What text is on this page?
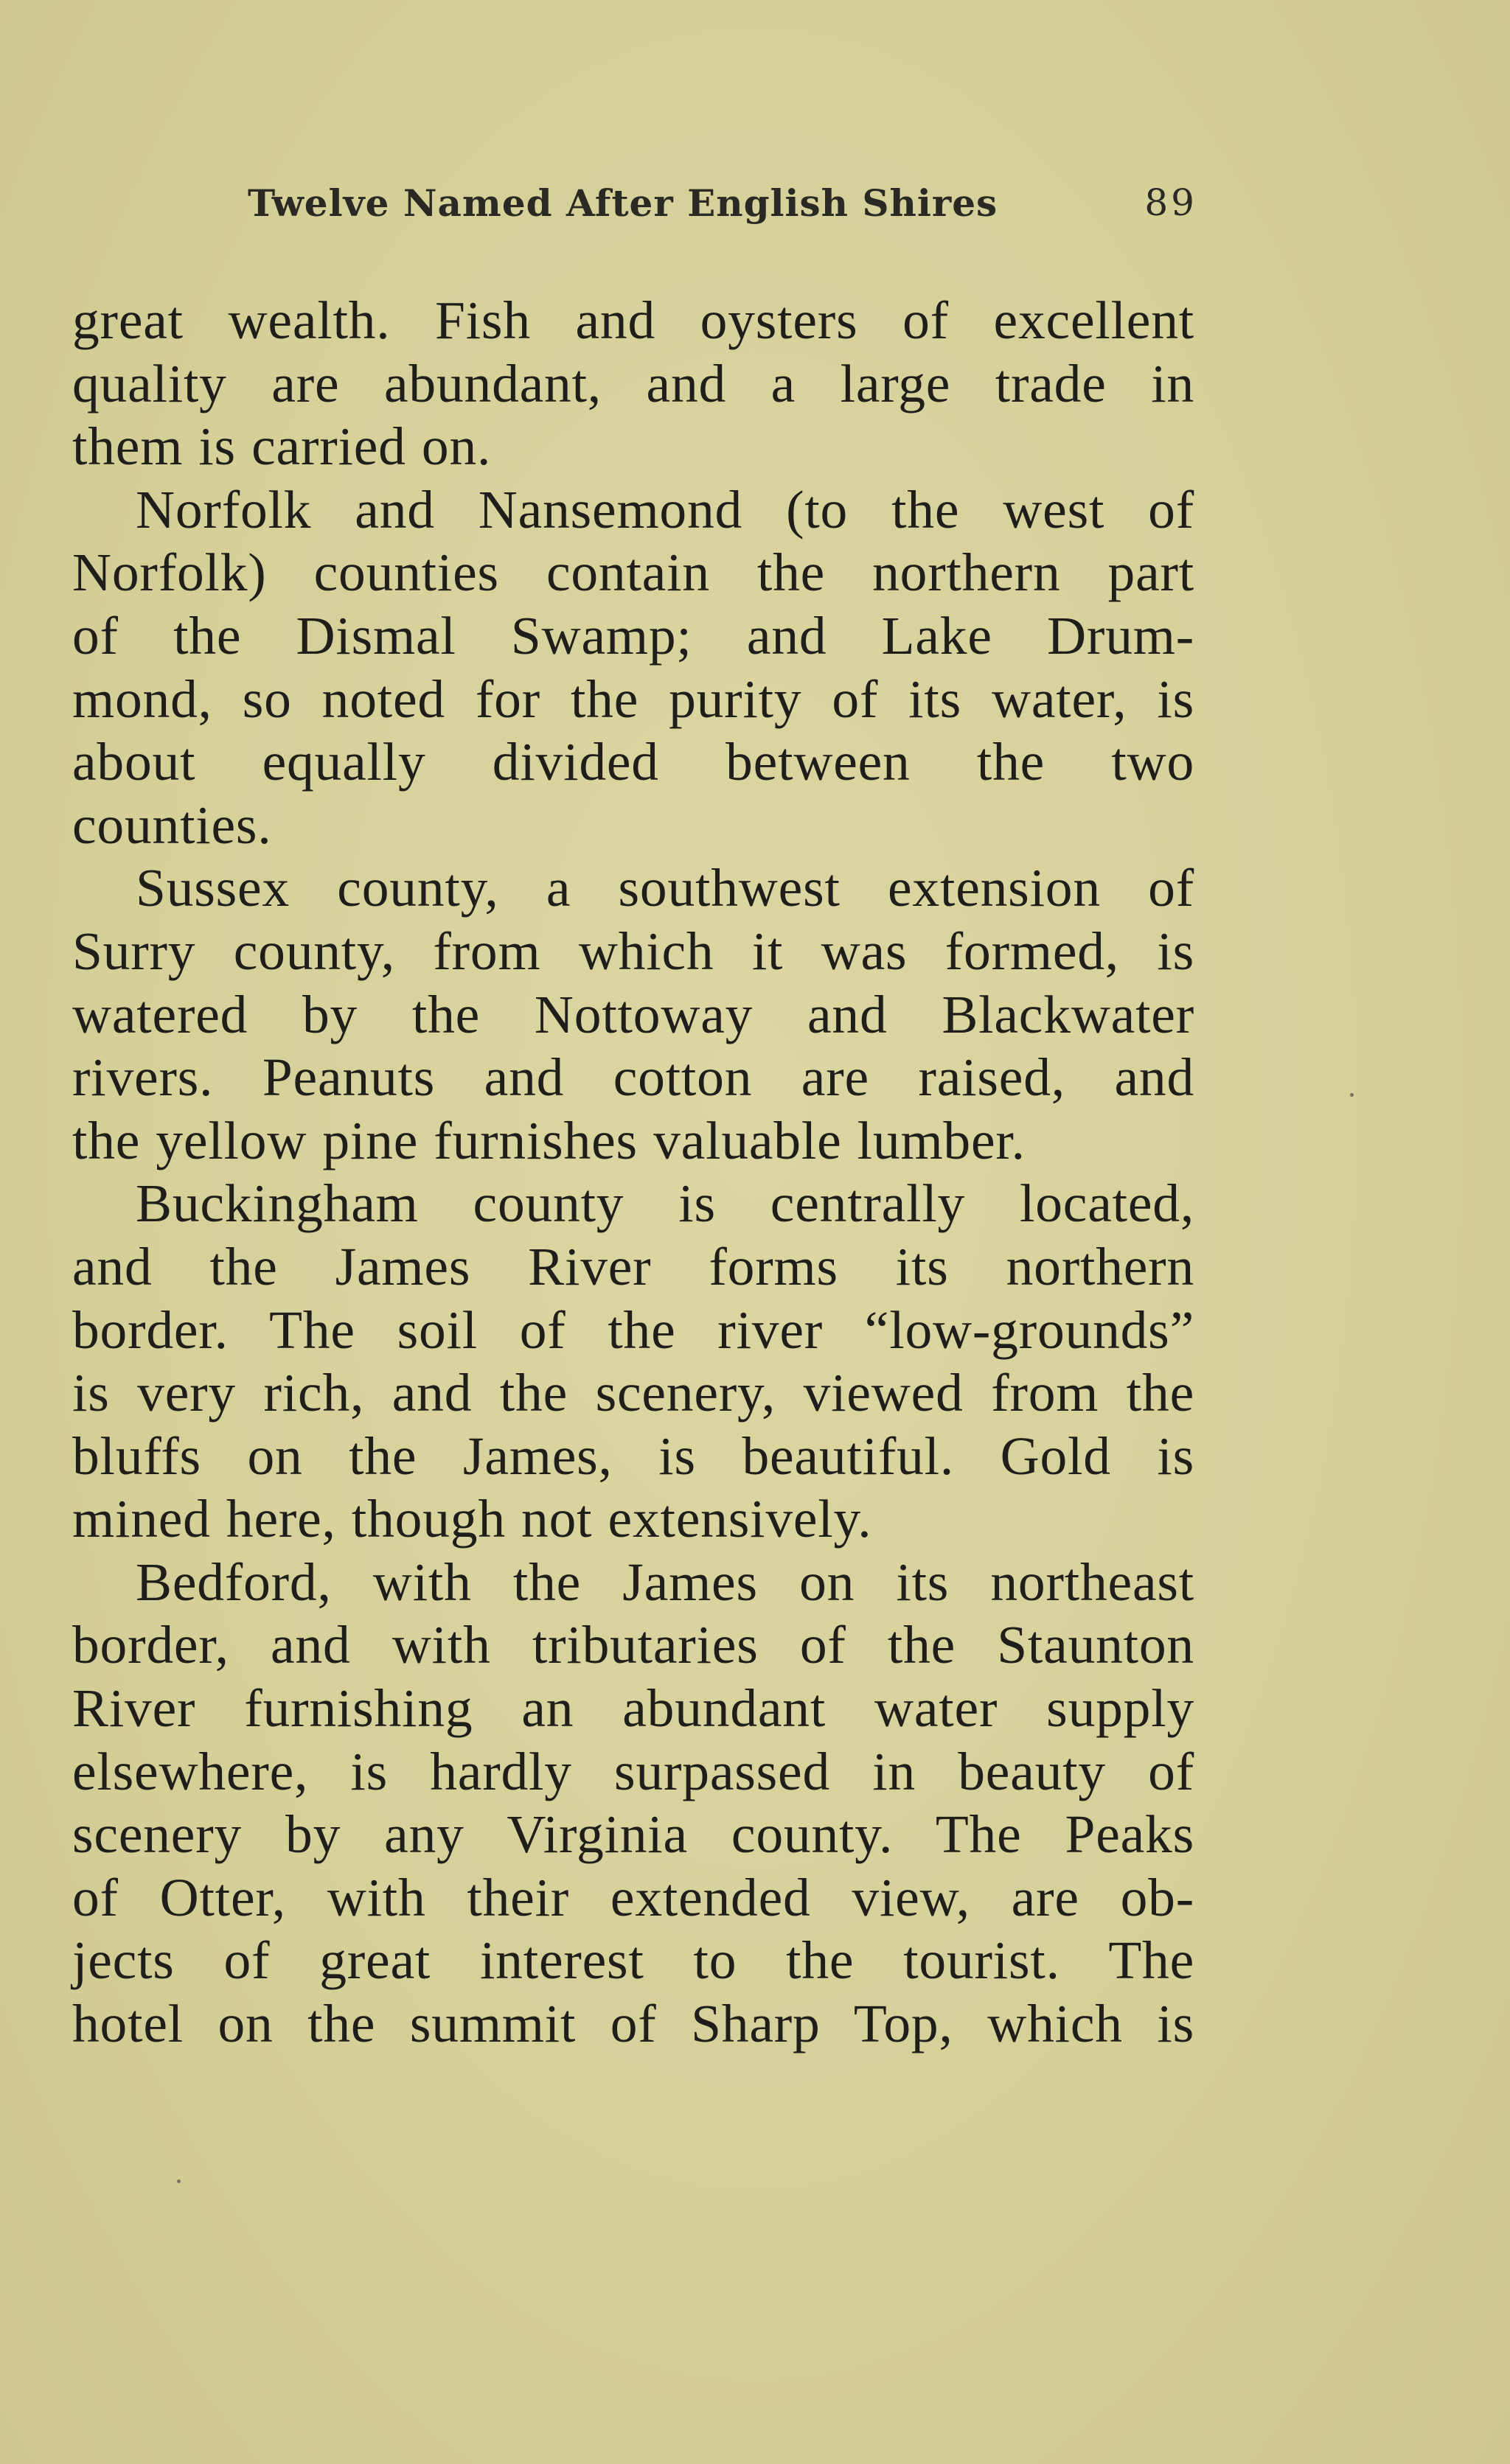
Twelve Named After English Shires	89
great wealth. Fish and oysters of excellent
quality are abundant, and a large trade in
them is carried on.
Norfolk and Nansemond (to the west of
Norfolk) counties contain the northern part
of the Dismal Swamp; and Lake Drum-
mond, so noted for the purity of its water, is
about equally divided between the two
counties.
Sussex county, a southwest extension of
Surry county, from which it was formed, is
watered by the Nottoway and Blackwater
rivers. Peanuts and cotton are raised, and
the yellow pine furnishes valuable lumber.
Buckingham county is centrally located,
and the James River forms its northern
border. The soil of the river “low-grounds”
is very rich, and the scenery, viewed from the
bluffs on the James, is beautiful. Gold is
mined here, though not extensively.
Bedford, with the James on its northeast
border, and with tributaries of the Staunton
River furnishing an abundant water supply
elsewhere, is hardly surpassed in beauty of
scenery by any Virginia county. The Peaks
of Otter, with their extended view, are ob-
jects of great interest to the tourist. The
hotel on the summit of Sharp Top, which is
